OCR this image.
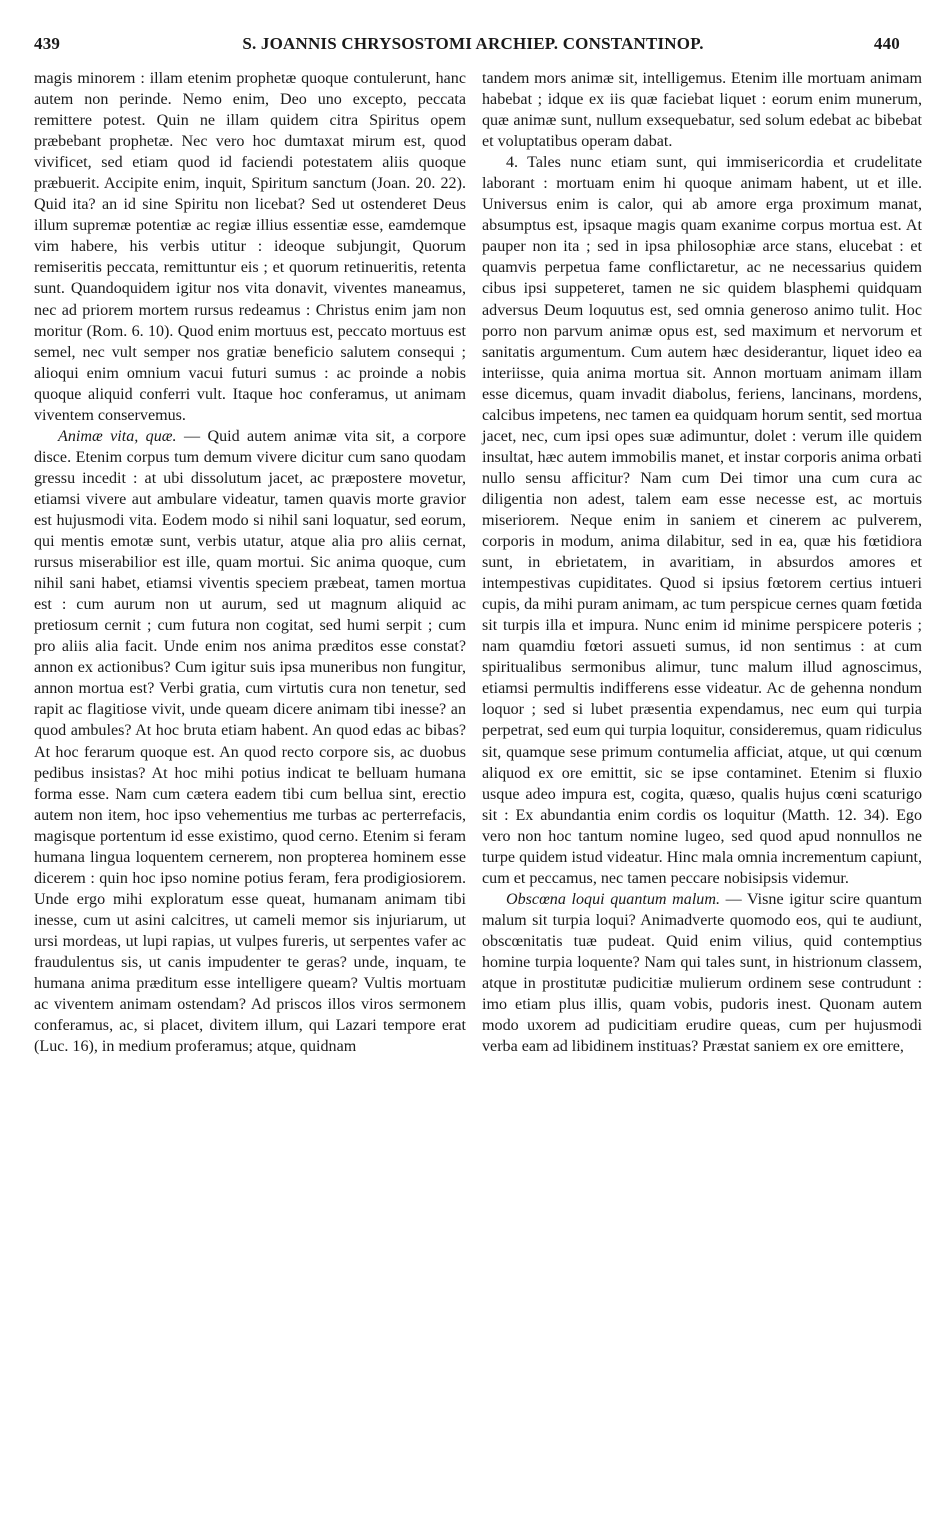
439	S. JOANNIS CHRYSOSTOMI ARCHIEP. CONSTANTINOP.	440

magis minorem : illam etenim prophetæ quoque contulerunt, hanc autem non perinde. Nemo enim, Deo uno excepto, peccata remittere potest. Quin ne illam quidem citra Spiritus opem præbebant prophetæ. Nec vero hoc dumtaxat mirum est, quod vivificet, sed etiam quod id faciendi potestatem aliis quoque præbuerit. Accipite enim, inquit, Spiritum sanctum (Joan. 20. 22). Quid ita? an id sine Spiritu non licebat? Sed ut ostenderet Deus illum supremæ potentiæ ac regiæ illius essentiæ esse, eamdemque vim habere, his verbis utitur : ideoque subjungit, Quorum remiseritis peccata, remittuntur eis ; et quorum retinueritis, retenta sunt. Quandoquidem igitur nos vita donavit, viventes maneamus, nec ad priorem mortem rursus redeamus : Christus enim jam non moritur (Rom. 6. 10). Quod enim mortuus est, peccato mortuus est semel, nec vult semper nos gratiæ beneficio salutem consequi ; alioqui enim omnium vacui futuri sumus : ac proinde a nobis quoque aliquid conferri vult. Itaque hoc conferamus, ut animam viventem conservemus.

Animæ vita, quæ. — Quid autem animæ vita sit, a corpore disce. Etenim corpus tum demum vivere dicitur cum sano quodam gressu incedit : at ubi dissolutum jacet, ac præpostere movetur, etiamsi vivere aut ambulare videatur, tamen quavis morte gravior est hujusmodi vita. Eodem modo si nihil sani loquatur, sed eorum, qui mentis emotæ sunt, verbis utatur, atque alia pro aliis cernat, rursus miserabilior est ille, quam mortui. Sic anima quoque, cum nihil sani habet, etiamsi viventis speciem præbeat, tamen mortua est : cum aurum non ut aurum, sed ut magnum aliquid ac pretiosum cernit ; cum futura non cogitat, sed humi serpit ; cum pro aliis alia facit. Unde enim nos anima præditos esse constat? annon ex actionibus? Cum igitur suis ipsa muneribus non fungitur, annon mortua est? Verbi gratia, cum virtutis cura non tenetur, sed rapit ac flagitiose vivit, unde queam dicere animam tibi inesse? an quod ambules? At hoc bruta etiam habent. An quod edas ac bibas? At hoc ferarum quoque est. An quod recto corpore sis, ac duobus pedibus insistas? At hoc mihi potius indicat te belluam humana forma esse. Nam cum cætera eadem tibi cum bellua sint, erectio autem non item, hoc ipso vehementius me turbas ac perterrefacis, magisque portentum id esse existimo, quod cerno. Etenim si feram humana lingua loquentem cernerem, non propterea hominem esse dicerem : quin hoc ipso nomine potius feram, fera prodigiosiorem. Unde ergo mihi exploratum esse queat, humanam animam tibi inesse, cum ut asini calcitres, ut cameli memor sis injuriarum, ut ursi mordeas, ut lupi rapias, ut vulpes fureris, ut serpentes vafer ac fraudulentus sis, ut canis impudenter te geras? unde, inquam, te humana anima præditum esse intelligere queam? Vultis mortuam ac viventem animam ostendam? Ad priscos illos viros sermonem conferamus, ac, si placet, divitem illum, qui Lazari tempore erat (Luc. 16), in medium proferamus; atque, quidnam

tandem mors animæ sit, intelligemus. Etenim ille mortuam animam habebat ; idque ex iis quæ faciebat liquet : eorum enim munerum, quæ animæ sunt, nullum exsequebatur, sed solum edebat ac bibebat et voluptatibus operam dabat.

4. Tales nunc etiam sunt, qui immisericordia et crudelitate laborant : mortuam enim hi quoque animam habent, ut et ille. Universus enim is calor, qui ab amore erga proximum manat, absumptus est, ipsaque magis quam exanime corpus mortua est. At pauper non ita ; sed in ipsa philosophiæ arce stans, elucebat : et quamvis perpetua fame conflictaretur, ac ne necessarius quidem cibus ipsi suppeteret, tamen ne sic quidem blasphemi quidquam adversus Deum loquutus est, sed omnia generoso animo tulit. Hoc porro non parvum animæ opus est, sed maximum et nervorum et sanitatis argumentum. Cum autem hæc desiderantur, liquet ideo ea interiisse, quia anima mortua sit. Annon mortuam animam illam esse dicemus, quam invadit diabolus, feriens, lancinans, mordens, calcibus impetens, nec tamen ea quidquam horum sentit, sed mortua jacet, nec, cum ipsi opes suæ adimuntur, dolet : verum ille quidem insultat, hæc autem immobilis manet, et instar corporis anima orbati nullo sensu afficitur? Nam cum Dei timor una cum cura ac diligentia non adest, talem eam esse necesse est, ac mortuis miseriorem. Neque enim in saniem et cinerem ac pulverem, corporis in modum, anima dilabitur, sed in ea, quæ his fœtidiora sunt, in ebrietatem, in avaritiam, in absurdos amores et intempestivas cupiditates. Quod si ipsius fœtorem certius intueri cupis, da mihi puram animam, ac tum perspicue cernes quam fœtida sit turpis illa et impura. Nunc enim id minime perspicere poteris ; nam quamdiu fœtori assueti sumus, id non sentimus : at cum spiritualibus sermonibus alimur, tunc malum illud agnoscimus, etiamsi permultis indifferens esse videatur. Ac de gehenna nondum loquor ; sed si lubet præsentia expendamus, nec eum qui turpia perpetrat, sed eum qui turpia loquitur, consideremus, quam ridiculus sit, quamque sese primum contumelia afficiat, atque, ut qui cœnum aliquod ex ore emittit, sic se ipse contaminet. Etenim si fluxio usque adeo impura est, cogita, quæso, qualis hujus cœni scaturigo sit : Ex abundantia enim cordis os loquitur (Matth. 12. 34). Ego vero non hoc tantum nomine lugeo, sed quod apud nonnullos ne turpe quidem istud videatur. Hinc mala omnia incrementum capiunt, cum et peccamus, nec tamen peccare nobisipsis videmur.

Obscœna loqui quantum malum. — Visne igitur scire quantum malum sit turpia loqui? Animadverte quomodo eos, qui te audiunt, obscœnitatis tuæ pudeat. Quid enim vilius, quid contemptius homine turpia loquente? Nam qui tales sunt, in histrionum classem, atque in prostitutæ pudicitiæ mulierum ordinem sese contrudunt : imo etiam plus illis, quam vobis, pudoris inest. Quonam autem modo uxorem ad pudicitiam erudire queas, cum per hujusmodi verba eam ad libidinem instituas? Præstat saniem ex ore emittere,
